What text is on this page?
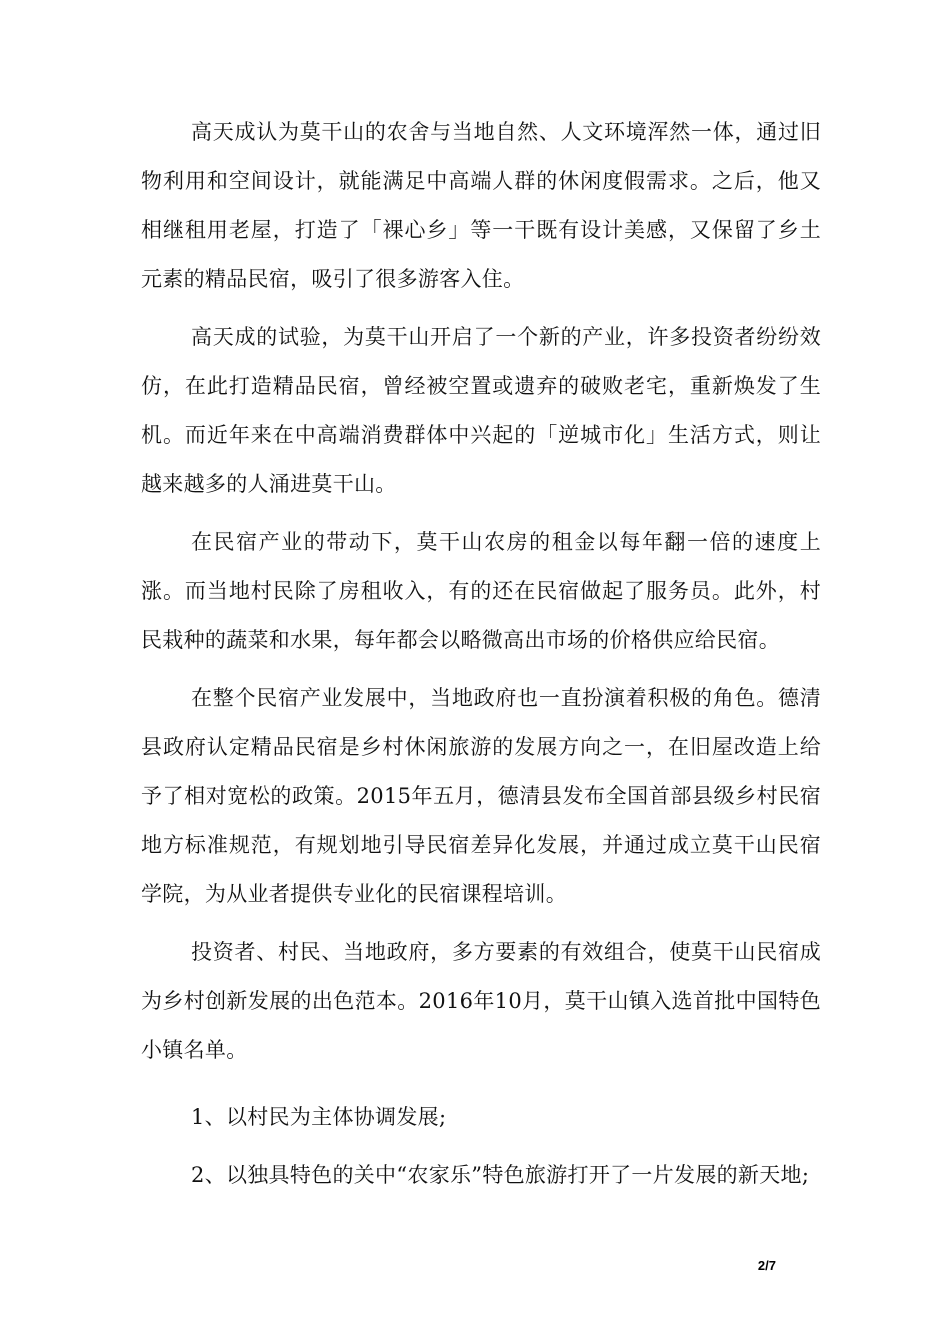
高天成认为莫干山的农舍与当地自然、人文环境浑然一体，通过旧物利用和空间设计，就能满足中高端人群的休闲度假需求。之后，他又相继租用老屋，打造了「裸心乡」等一干既有设计美感，又保留了乡土元素的精品民宿，吸引了很多游客入住。

高天成的试验，为莫干山开启了一个新的产业，许多投资者纷纷效仿，在此打造精品民宿，曾经被空置或遗弃的破败老宅，重新焕发了生机。而近年来在中高端消费群体中兴起的「逆城市化」生活方式，则让越来越多的人涌进莫干山。

在民宿产业的带动下，莫干山农房的租金以每年翻一倍的速度上涨。而当地村民除了房租收入，有的还在民宿做起了服务员。此外，村民栽种的蔬菜和水果，每年都会以略微高出市场的价格供应给民宿。

在整个民宿产业发展中，当地政府也一直扮演着积极的角色。德清县政府认定精品民宿是乡村休闲旅游的发展方向之一，在旧屋改造上给予了相对宽松的政策。2015年五月，德清县发布全国首部县级乡村民宿地方标准规范，有规划地引导民宿差异化发展，并通过成立莫干山民宿学院，为从业者提供专业化的民宿课程培训。

投资者、村民、当地政府，多方要素的有效组合，使莫干山民宿成为乡村创新发展的出色范本。2016年10月，莫干山镇入选首批中国特色小镇名单。

1、以村民为主体协调发展;

2、以独具特色的关中“农家乐”特色旅游打开了一片发展的新天地;

2/7
